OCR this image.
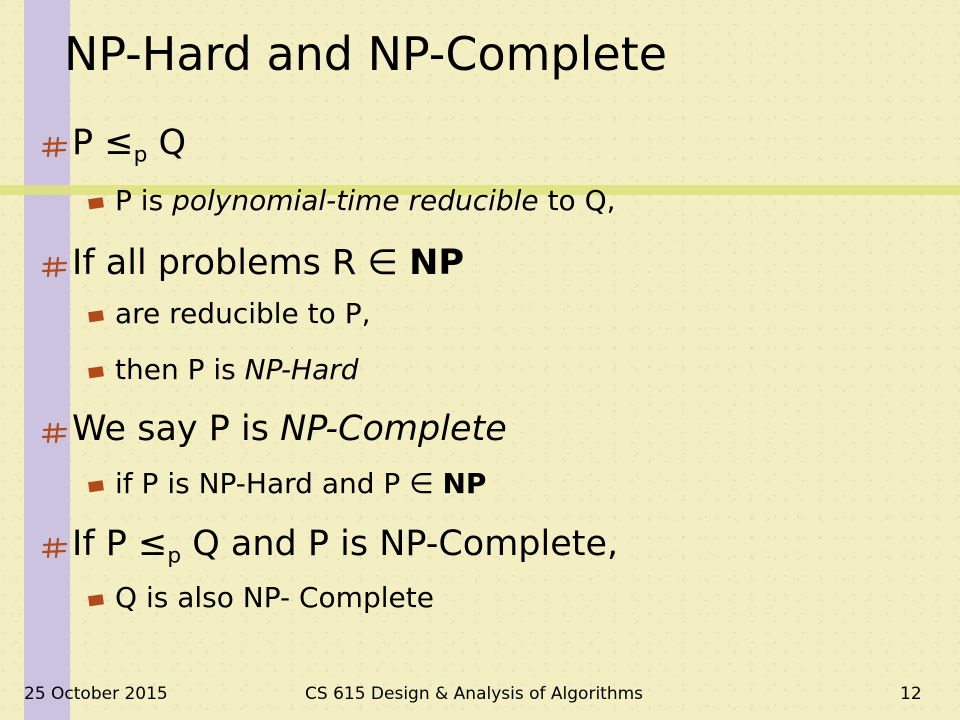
NP-Hard and NP-Complete
$P \le_p$ Q
P is polynomial-time reducible to Q,
If all problems R ∈ NP
are reducible to P,
then P is NP-Hard
We say P is NP-Complete
if P is NP-Hard and P ∈ NP
If $P \le_p$ Q and P is NP-Complete,
Q is also NP- Complete
25 October 2015	CS 615 Design & Analysis of Algorithms	12
